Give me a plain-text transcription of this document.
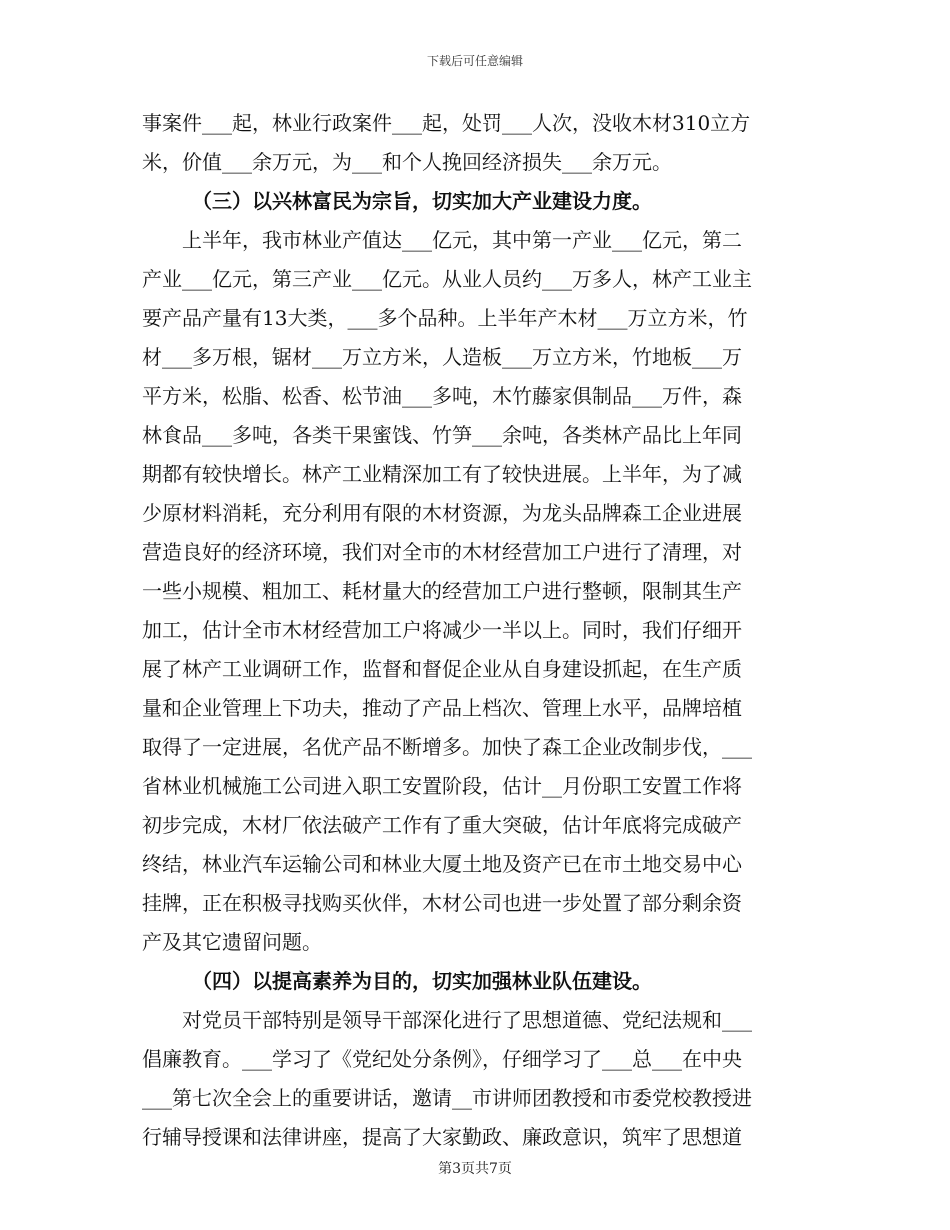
下载后可任意编辑
事案件___起，林业行政案件___起，处罚___人次，没收木材310立方
米，价值___余万元，为___和个人挽回经济损失___余万元。
（三）以兴林富民为宗旨，切实加大产业建设力度。
　　上半年，我市林业产值达___亿元，其中第一产业___亿元，第二
产业___亿元，第三产业___亿元。从业人员约___万多人，林产工业主
要产品产量有13大类，___多个品种。上半年产木材___万立方米，竹
材___多万根，锯材___万立方米，人造板___万立方米，竹地板___万
平方米，松脂、松香、松节油___多吨，木竹藤家俱制品___万件，森
林食品___多吨，各类干果蜜饯、竹笋___余吨，各类林产品比上年同
期都有较快增长。林产工业精深加工有了较快进展。上半年，为了减
少原材料消耗，充分利用有限的木材资源，为龙头品牌森工企业进展
营造良好的经济环境，我们对全市的木材经营加工户进行了清理，对
一些小规模、粗加工、耗材量大的经营加工户进行整顿，限制其生产
加工，估计全市木材经营加工户将减少一半以上。同时，我们仔细开
展了林产工业调研工作，监督和督促企业从自身建设抓起，在生产质
量和企业管理上下功夫，推动了产品上档次、管理上水平，品牌培植
取得了一定进展，名优产品不断增多。加快了森工企业改制步伐，___
省林业机械施工公司进入职工安置阶段，估计__月份职工安置工作将
初步完成，木材厂依法破产工作有了重大突破，估计年底将完成破产
终结，林业汽车运输公司和林业大厦土地及资产已在市土地交易中心
挂牌，正在积极寻找购买伙伴，木材公司也进一步处置了部分剩余资
产及其它遗留问题。
（四）以提高素养为目的，切实加强林业队伍建设。
　　对党员干部特别是领导干部深化进行了思想道德、党纪法规和___
倡廉教育。___学习了《党纪处分条例》，仔细学习了___总___在中央
___第七次全会上的重要讲话，邀请__市讲师团教授和市委党校教授进
行辅导授课和法律讲座，提高了大家勤政、廉政意识，筑牢了思想道
第3页共7页
